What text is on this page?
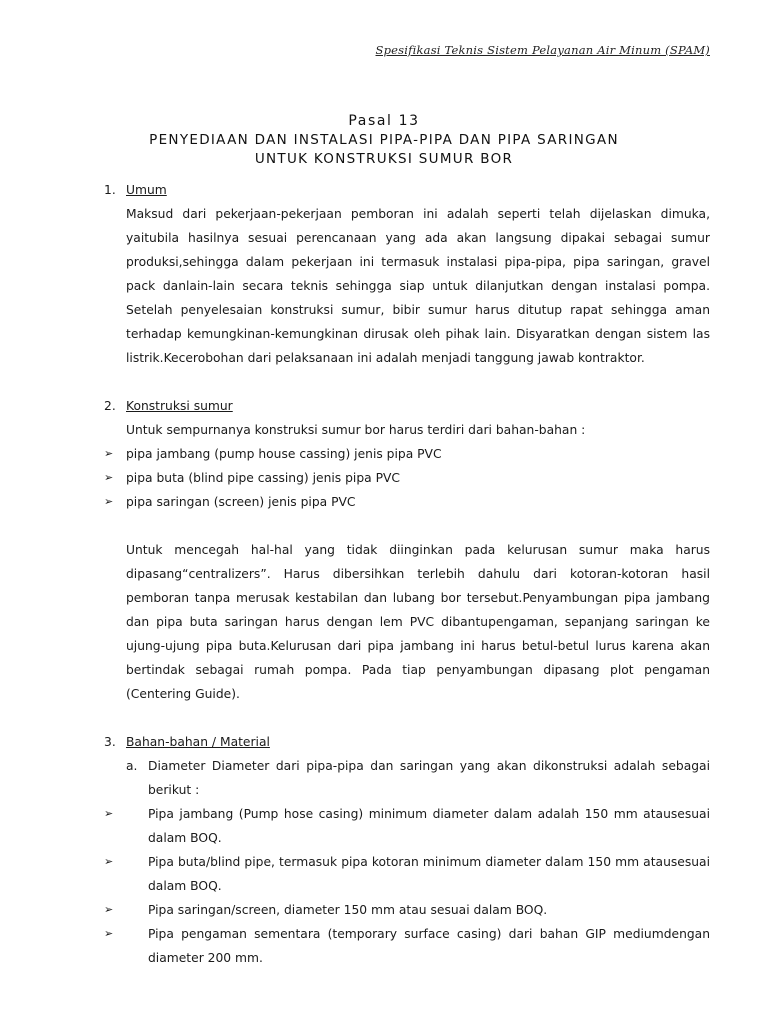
Spesifikasi Teknis Sistem Pelayanan Air Minum (SPAM)
Pasal 13
PENYEDIAAN DAN INSTALASI PIPA-PIPA DAN PIPA SARINGAN
UNTUK KONSTRUKSI SUMUR BOR
1. Umum
Maksud dari pekerjaan-pekerjaan pemboran ini adalah seperti telah dijelaskan dimuka, yaitubila hasilnya sesuai perencanaan yang ada akan langsung dipakai sebagai sumur produksi,sehingga dalam pekerjaan ini termasuk instalasi pipa-pipa, pipa saringan, gravel pack danlain-lain secara teknis sehingga siap untuk dilanjutkan dengan instalasi pompa. Setelah penyelesaian konstruksi sumur, bibir sumur harus ditutup rapat sehingga aman terhadap kemungkinan-kemungkinan dirusak oleh pihak lain. Disyaratkan dengan sistem las listrik.Kecerobohan dari pelaksanaan ini adalah menjadi tanggung jawab kontraktor.
2. Konstruksi sumur
Untuk sempurnanya konstruksi sumur bor harus terdiri dari bahan-bahan :
➢ pipa jambang (pump house cassing) jenis pipa PVC
➢ pipa buta (blind pipe cassing) jenis pipa PVC
➢ pipa saringan (screen) jenis pipa PVC
Untuk mencegah hal-hal yang tidak diinginkan pada kelurusan sumur maka harus dipasang“centralizers”. Harus dibersihkan terlebih dahulu dari kotoran-kotoran hasil pemboran tanpa merusak kestabilan dan lubang bor tersebut.Penyambungan pipa jambang dan pipa buta saringan harus dengan lem PVC dibantupengaman, sepanjang saringan ke ujung-ujung pipa buta.Kelurusan dari pipa jambang ini harus betul-betul lurus karena akan bertindak sebagai rumah pompa. Pada tiap penyambungan dipasang plot pengaman (Centering Guide).
3. Bahan-bahan / Material
a. Diameter Diameter dari pipa-pipa dan saringan yang akan dikonstruksi adalah sebagai berikut :
➢	Pipa jambang (Pump hose casing) minimum diameter dalam adalah 150 mm atausesuai dalam BOQ.
➢	Pipa buta/blind pipe, termasuk pipa kotoran minimum diameter dalam 150 mm atausesuai dalam BOQ.
➢	Pipa saringan/screen, diameter 150 mm atau sesuai dalam BOQ.
➢	Pipa pengaman sementara (temporary surface casing) dari bahan GIP mediumdengan diameter 200 mm.
